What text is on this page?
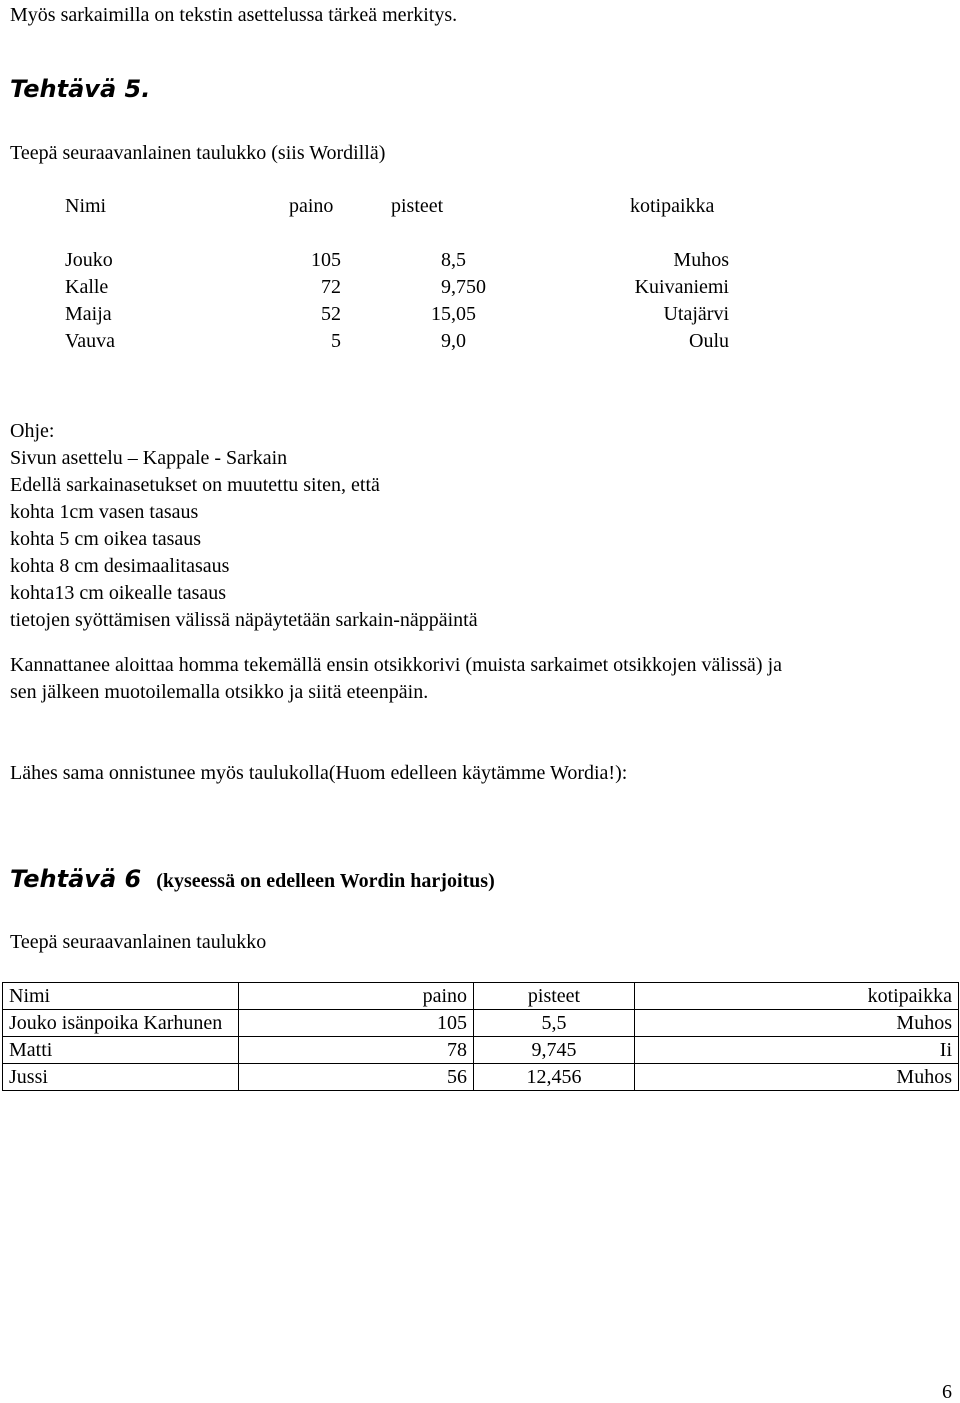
Myös sarkaimilla on tekstin asettelussa tärkeä merkitys.
Tehtävä 5.
Teepä seuraavanlainen taulukko (siis Wordillä)
Nimi	paino	pisteet	kotipaikka
Jouko	105	8,5	Muhos
Kalle	72	9,750	Kuivaniemi
Maija	52	15,05	Utajärvi
Vauva	5	9,0	Oulu
Ohje:
Sivun asettelu – Kappale - Sarkain
Edellä sarkainasetukset on muutettu siten, että
kohta 1cm vasen tasaus
kohta 5 cm oikea tasaus
kohta 8 cm desimaalitasaus
kohta13 cm oikealle tasaus
tietojen syöttämisen välissä näpäytetään sarkain-näppäintä
Kannattanee aloittaa homma tekemällä ensin otsikkorivi (muista sarkaimet otsikkojen välissä) ja
sen jälkeen muotoilemalla otsikko ja siitä eteenpäin.
Lähes sama onnistunee myös taulukolla(Huom edelleen käytämme Wordia!):
Tehtävä 6 (kyseessä on edelleen Wordin harjoitus)
Teepä seuraavanlainen taulukko
Nimi	paino	pisteet	kotipaikka
Jouko isänpoika Karhunen	105	5,5	Muhos
Matti	78	9,745	Ii
Jussi	56	12,456	Muhos
6
